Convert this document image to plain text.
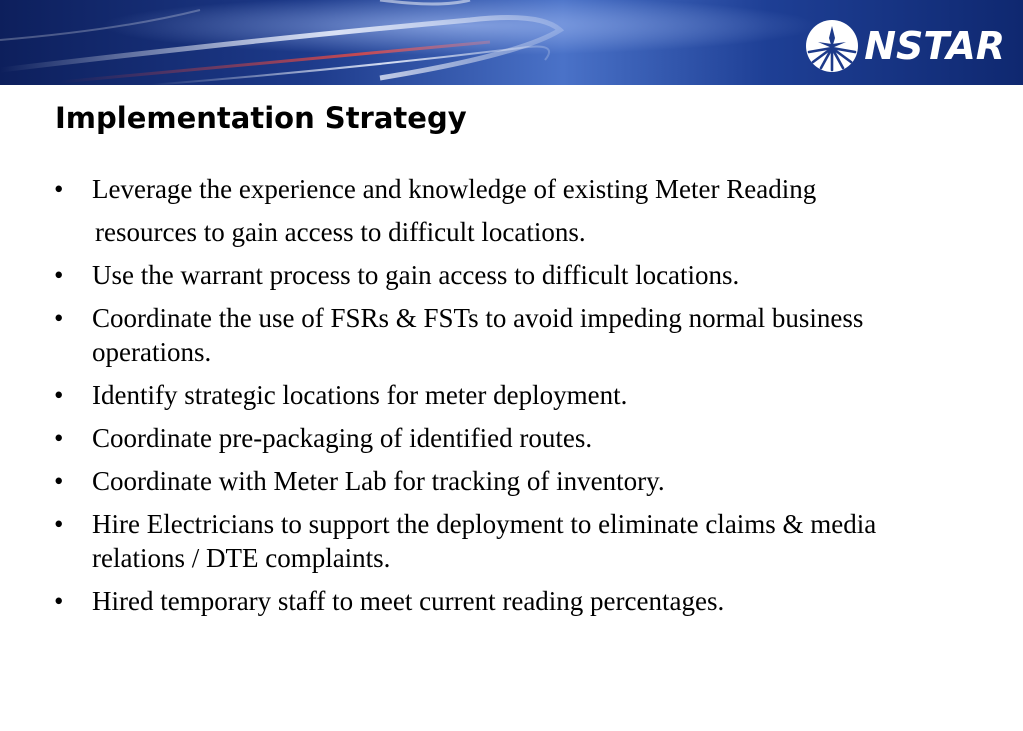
NSTAR
Implementation Strategy
•	Leverage the experience and knowledge of existing Meter Reading
resources to gain access to difficult locations.
•	Use the warrant process to gain access to difficult locations.
•	Coordinate the use of FSRs & FSTs to avoid impeding normal business operations.
•	Identify strategic locations for meter deployment.
•	Coordinate pre-packaging of identified routes.
•	Coordinate with Meter Lab for tracking of inventory.
•	Hire Electricians to support the deployment to eliminate claims & media relations / DTE complaints.
•	Hired temporary staff to meet current reading percentages.
